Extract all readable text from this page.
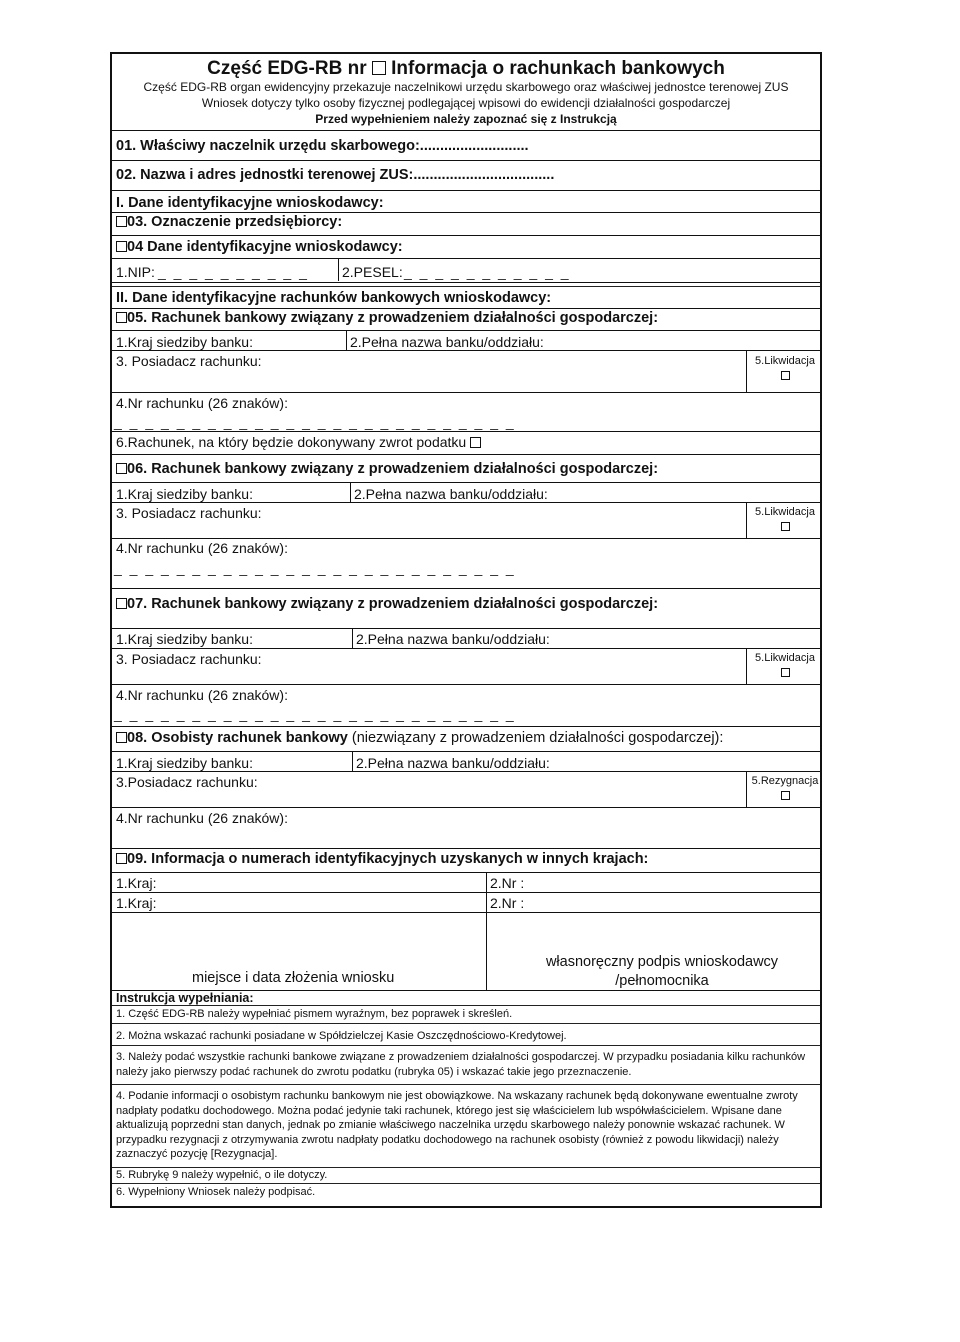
Część EDG-RB nr Informacja o rachunkach bankowych
Część EDG-RB organ ewidencyjny przekazuje naczelnikowi urzędu skarbowego oraz właściwej jednostce terenowej ZUS
Wniosek dotyczy tylko osoby fizycznej podlegającej wpisowi do ewidencji działalności gospodarczej
Przed wypełnieniem należy zapoznać się z Instrukcją
01. Właściwy naczelnik urzędu skarbowego:...........................
02. Nazwa i adres jednostki terenowej ZUS:...................................
I. Dane identyfikacyjne wnioskodawcy:
03. Oznaczenie przedsiębiorcy:
04 Dane identyfikacyjne wnioskodawcy:
1.NIP: _ _ _ _ _ _ _ _ _ _ 2.PESEL: _ _ _ _ _ _ _ _ _ _ _
II. Dane identyfikacyjne rachunków bankowych wnioskodawcy:
05. Rachunek bankowy związany z prowadzeniem działalności gospodarczej:
1.Kraj siedziby banku:	2.Pełna nazwa banku/oddziału:
3. Posiadacz rachunku:	5.Likwidacja

4.Nr rachunku (26 znaków):
_ _ _ _ _ _ _ _ _ _ _ _ _ _ _ _ _ _ _ _ _ _ _ _ _ _
6.Rachunek, na który będzie dokonywany zwrot podatku
06. Rachunek bankowy związany z prowadzeniem działalności gospodarczej:
1.Kraj siedziby banku:	2.Pełna nazwa banku/oddziału:
3. Posiadacz rachunku:	5.Likwidacja

4.Nr rachunku (26 znaków):
_ _ _ _ _ _ _ _ _ _ _ _ _ _ _ _ _ _ _ _ _ _ _ _ _ _
07. Rachunek bankowy związany z prowadzeniem działalności gospodarczej:
1.Kraj siedziby banku:	2.Pełna nazwa banku/oddziału:
3. Posiadacz rachunku:	5.Likwidacja

4.Nr rachunku (26 znaków):
_ _ _ _ _ _ _ _ _ _ _ _ _ _ _ _ _ _ _ _ _ _ _ _ _ _
08. Osobisty rachunek bankowy (niezwiązany z prowadzeniem działalności gospodarczej):
1.Kraj siedziby banku:	2.Pełna nazwa banku/oddziału:
3.Posiadacz rachunku:	5.Rezygnacja

4.Nr rachunku (26 znaków):
09. Informacja o numerach identyfikacyjnych uzyskanych w innych krajach:
1.Kraj:	2.Nr :
1.Kraj:	2.Nr :
miejsce i data złożenia wniosku
własnoręczny podpis wnioskodawcy
/pełnomocnika
Instrukcja wypełniania:
1. Część EDG-RB należy wypełniać pismem wyraźnym, bez poprawek i skreśleń.
2. Można wskazać rachunki posiadane w Spółdzielczej Kasie Oszczędnościowo-Kredytowej.
3. Należy podać wszystkie rachunki bankowe związane z prowadzeniem działalności gospodarczej. W przypadku posiadania kilku rachunków należy jako pierwszy podać rachunek do zwrotu podatku (rubryka 05) i wskazać takie jego przeznaczenie.
4. Podanie informacji o osobistym rachunku bankowym nie jest obowiązkowe. Na wskazany rachunek będą dokonywane ewentualne zwroty nadpłaty podatku dochodowego. Można podać jedynie taki rachunek, którego jest się właścicielem lub współwłaścicielem. Wpisane dane aktualizują poprzedni stan danych, jednak po zmianie właściwego naczelnika urzędu skarbowego należy ponownie wskazać rachunek. W przypadku rezygnacji z otrzymywania zwrotu nadpłaty podatku dochodowego na rachunek osobisty (również z powodu likwidacji) należy zaznaczyć pozycję [Rezygnacja].
5. Rubrykę 9 należy wypełnić, o ile dotyczy.
6. Wypełniony Wniosek należy podpisać.
